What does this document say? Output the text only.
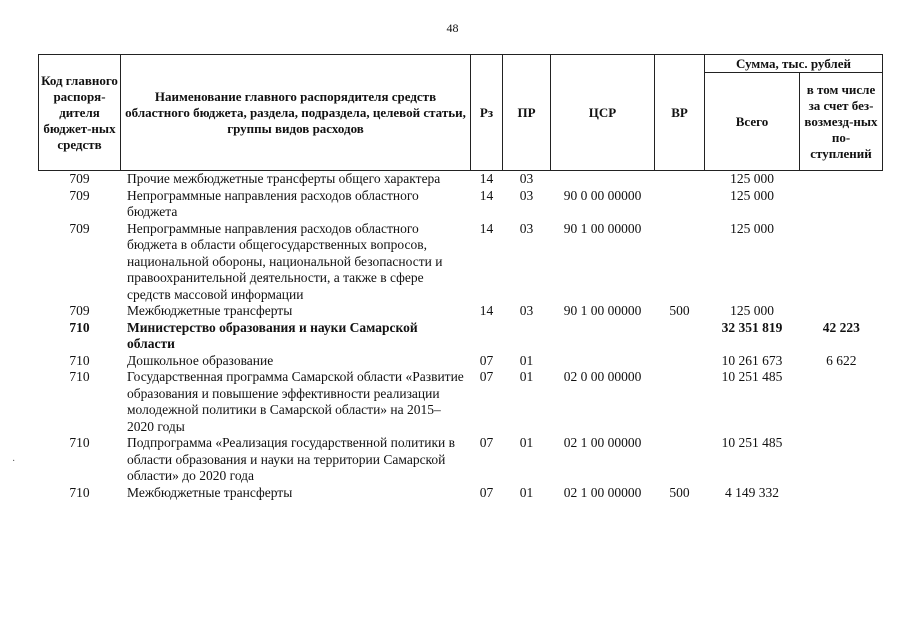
48
Код главного распоря-дителя бюджет-ных средств	Наименование главного распорядителя средств областного бюджета, раздела, подраздела, целевой статьи, группы видов расходов	Рз	ПР	ЦСР	ВР	Сумма, тыс. рублей	
						Всего	в том числе за счет без-возмезд-ных по-ступлений
709	Прочие межбюджетные трансферты общего характера	14	03			125 000	
709	Непрограммные направления расходов областного бюджета	14	03	90 0 00 00000		125 000	
709	Непрограммные направления расходов областного бюджета в области общегосударственных вопросов, национальной обороны, национальной безопасности и правоохранительной деятельности, а также в сфере средств массовой информации	14	03	90 1 00 00000		125 000	
709	Межбюджетные трансферты	14	03	90 1 00 00000	500	125 000	
710	Министерство образования и науки Самарской области					32 351 819	42 223
710	Дошкольное образование	07	01			10 261 673	6 622
710	Государственная программа Самарской области «Развитие образования и повышение эффективности реализации молодежной политики в Самарской области» на 2015–2020 годы	07	01	02 0 00 00000		10 251 485	
710	Подпрограмма «Реализация государственной политики в области образования и науки на территории Самарской области» до 2020 года	07	01	02 1 00 00000		10 251 485	
710	Межбюджетные трансферты	07	01	02 1 00 00000	500	4 149 332	
·
